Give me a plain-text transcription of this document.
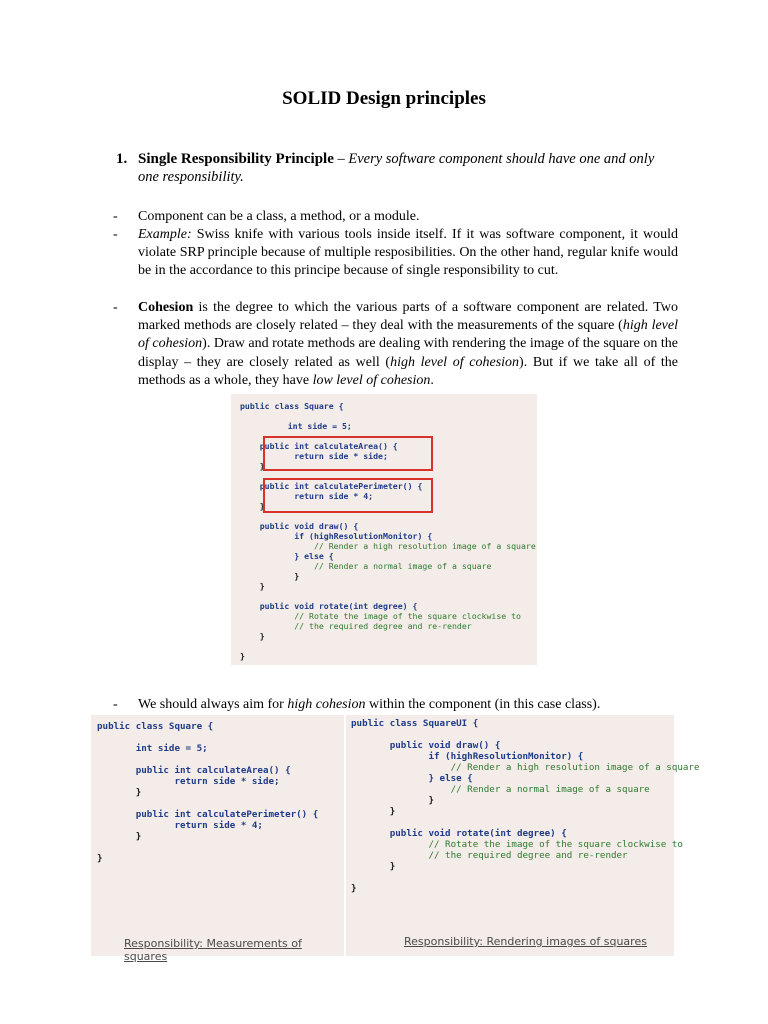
SOLID Design principles
1. Single Responsibility Principle – Every software component should have one and only one responsibility.
- Component can be a class, a method, or a module.
- Example: Swiss knife with various tools inside itself. If it was software component, it would violate SRP principle because of multiple resposibilities. On the other hand, regular knife would be in the accordance to this principe because of single responsibility to cut.
- Cohesion is the degree to which the various parts of a software component are related. Two marked methods are closely related – they deal with the measurements of the square (high level of cohesion). Draw and rotate methods are dealing with rendering the image of the square on the display – they are closely related as well (high level of cohesion). But if we take all of the methods as a whole, they have low level of cohesion.
public class Square {

int side = 5;

public int calculateArea() {
return side * side;
}

public int calculatePerimeter() {
return side * 4;
}

public void draw() {
if (highResolutionMonitor) {
// Render a high resolution image of a square
} else {
// Render a normal image of a square
}
}

public void rotate(int degree) {
// Rotate the image of the square clockwise to
// the required degree and re-render
}

}
- We should always aim for high cohesion within the component (in this case class).
public class Square {

int side = 5;

public int calculateArea() {
return side * side;
}

public int calculatePerimeter() {
return side * 4;
}

}
Responsibility: Measurements of squares
public class SquareUI {

public void draw() {
if (highResolutionMonitor) {
// Render a high resolution image of a square
} else {
// Render a normal image of a square
}
}

public void rotate(int degree) {
// Rotate the image of the square clockwise to
// the required degree and re-render
}

}
Responsibility: Rendering images of squares
